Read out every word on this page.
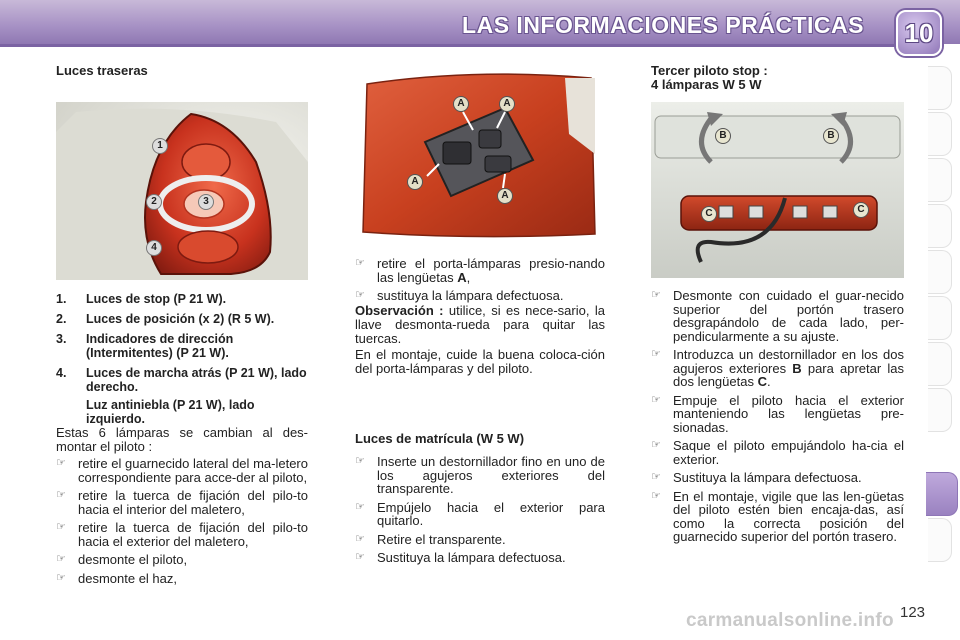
LAS INFORMACIONES PRÁCTICAS 10
Luces traseras
1
2	3
4
1.	Luces de stop (P 21 W).
2.	Luces de posición (x 2) (R 5 W).
3.	Indicadores de dirección (Intermitentes) (P 21 W).
4.	Luces de marcha atrás (P 21 W), lado derecho.
Luz antiniebla (P 21 W), lado izquierdo.

Estas 6 lámparas se cambian al des-montar el piloto :

☞ retire el guarnecido lateral del ma-letero correspondiente para acce-der al piloto,
☞ retire la tuerca de fijación del pilo-to hacia el interior del maletero,
☞ retire la tuerca de fijación del pilo-to hacia el exterior del maletero,
☞ desmonte el piloto,
☞ desmonte el haz,
A	A
A
A
☞ retire el porta-lámparas presio-nando las lengüetas A,
☞ sustituya la lámpara defectuosa.

Observación : utilice, si es nece-sario, la llave desmonta-rueda para quitar las tuercas.

En el montaje, cuide la buena coloca-ción del porta-lámparas y del piloto.

Luces de matrícula (W 5 W)
☞ Inserte un destornillador fino en uno de los agujeros exteriores del transparente.
☞ Empújelo hacia el exterior para quitarlo.
☞ Retire el transparente.
☞ Sustituya la lámpara defectuosa.
Tercer piloto stop :
4 lámparas W 5 W
B	B
C	C
☞ Desmonte con cuidado el guar-necido superior del portón trasero desgrapándolo de cada lado, per-pendicularmente a su ajuste.
☞ Introduzca un destornillador en los dos agujeros exteriores B para apretar las dos lengüetas C.
☞ Empuje el piloto hacia el exterior manteniendo las lengüetas pre-sionadas.
☞ Saque el piloto empujándolo ha-cia el exterior.
☞ Sustituya la lámpara defectuosa.
☞ En el montaje, vigile que las len-güetas del piloto estén bien encaja-das, así como la correcta posición del guarnecido superior del portón trasero.
carmanualsonline.info 123
